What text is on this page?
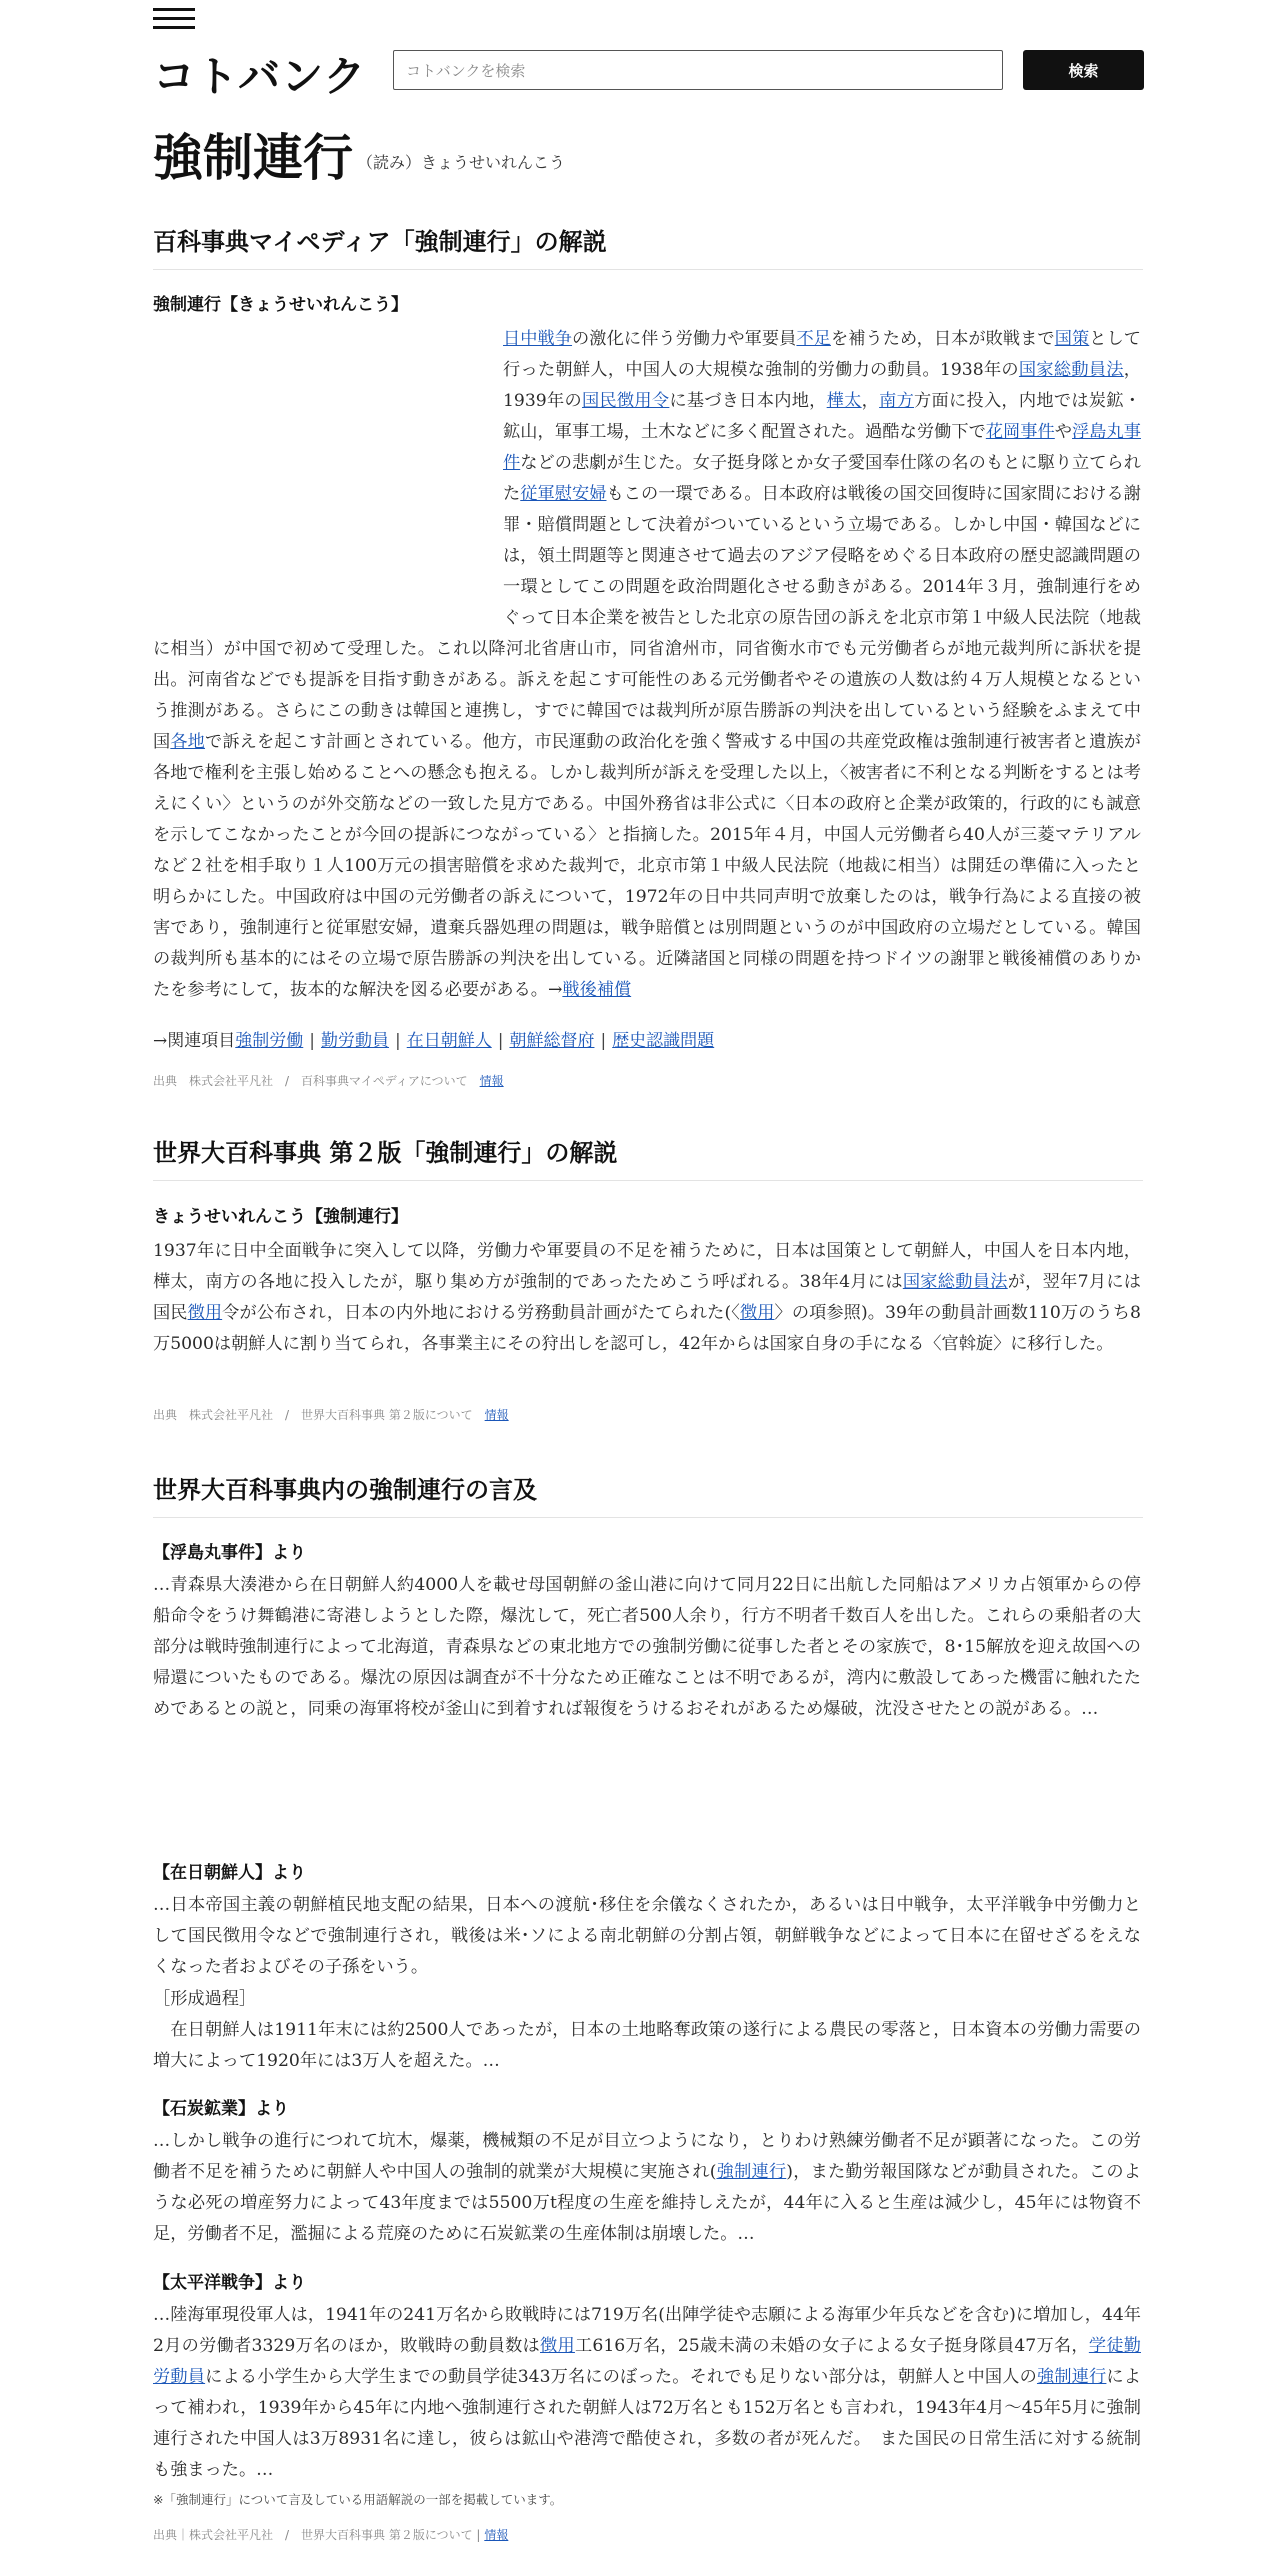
コトバンク	コトバンクを検索	検索
強制連行 （読み）きょうせいれんこう
百科事典マイペディア「強制連行」の解説
強制連行【きょうせいれんこう】
日中戦争の激化に伴う労働力や軍要員不足を補うため，日本が敗戦まで国策として行った朝鮮人，中国人の大規模な強制的労働力の動員。1938年の国家総動員法，1939年の国民徴用令に基づき日本内地，樺太，南方方面に投入，内地では炭鉱・鉱山，軍事工場，土木などに多く配置された。過酷な労働下で花岡事件や浮島丸事件などの悲劇が生じた。女子挺身隊とか女子愛国奉仕隊の名のもとに駆り立てられた従軍慰安婦もこの一環である。日本政府は戦後の国交回復時に国家間における謝罪・賠償問題として決着がついているという立場である。しかし中国・韓国などには，領土問題等と関連させて過去のアジア侵略をめぐる日本政府の歴史認識問題の一環としてこの問題を政治問題化させる動きがある。2014年３月，強制連行をめぐって日本企業を被告とした北京の原告団の訴えを北京市第１中級人民法院（地裁に相当）が中国で初めて受理した。これ以降河北省唐山市，同省滄州市，同省衡水市でも元労働者らが地元裁判所に訴状を提出。河南省などでも提訴を目指す動きがある。訴えを起こす可能性のある元労働者やその遺族の人数は約４万人規模となるという推測がある。さらにこの動きは韓国と連携し，すでに韓国では裁判所が原告勝訴の判決を出しているという経験をふまえて中国各地で訴えを起こす計画とされている。他方，市民運動の政治化を強く警戒する中国の共産党政権は強制連行被害者と遺族が各地で権利を主張し始めることへの懸念も抱える。しかし裁判所が訴えを受理した以上，〈被害者に不利となる判断をするとは考えにくい〉というのが外交筋などの一致した見方である。中国外務省は非公式に〈日本の政府と企業が政策的，行政的にも誠意を示してこなかったことが今回の提訴につながっている〉と指摘した。2015年４月，中国人元労働者ら40人が三菱マテリアルなど２社を相手取り１人100万元の損害賠償を求めた裁判で，北京市第１中級人民法院（地裁に相当）は開廷の準備に入ったと明らかにした。中国政府は中国の元労働者の訴えについて，1972年の日中共同声明で放棄したのは，戦争行為による直接の被害であり，強制連行と従軍慰安婦，遺棄兵器処理の問題は，戦争賠償とは別問題というのが中国政府の立場だとしている。韓国の裁判所も基本的にはその立場で原告勝訴の判決を出している。近隣諸国と同様の問題を持つドイツの謝罪と戦後補償のありかたを参考にして，抜本的な解決を図る必要がある。→戦後補償
→関連項目強制労働 | 勤労動員 | 在日朝鮮人 | 朝鮮総督府 | 歴史認識問題
出典　株式会社平凡社　/　百科事典マイペディアについて　 情報
世界大百科事典 第２版「強制連行」の解説
きょうせいれんこう【強制連行】
1937年に日中全面戦争に突入して以降，労働力や軍要員の不足を補うために，日本は国策として朝鮮人，中国人を日本内地，樺太，南方の各地に投入したが，駆り集め方が強制的であったためこう呼ばれる。38年4月には国家総動員法が，翌年7月には国民徴用令が公布され，日本の内外地における労務動員計画がたてられた(〈徴用〉の項参照)。39年の動員計画数110万のうち8万5000は朝鮮人に割り当てられ，各事業主にその狩出しを認可し，42年からは国家自身の手になる〈官斡旋〉に移行した。
出典　株式会社平凡社　/　世界大百科事典 第２版について　 情報
世界大百科事典内の強制連行の言及
【浮島丸事件】より
…青森県大湊港から在日朝鮮人約4000人を載せ母国朝鮮の釜山港に向けて同月22日に出航した同船はアメリカ占領軍からの停船命令をうけ舞鶴港に寄港しようとした際，爆沈して，死亡者500人余り，行方不明者千数百人を出した。これらの乗船者の大部分は戦時強制連行によって北海道，青森県などの東北地方での強制労働に従事した者とその家族で，8･15解放を迎え故国への帰還についたものである。爆沈の原因は調査が不十分なため正確なことは不明であるが，湾内に敷設してあった機雷に触れたためであるとの説と，同乗の海軍将校が釜山に到着すれば報復をうけるおそれがあるため爆破，沈没させたとの説がある。…
【在日朝鮮人】より
…日本帝国主義の朝鮮植民地支配の結果，日本への渡航･移住を余儀なくされたか，あるいは日中戦争，太平洋戦争中労働力として国民徴用令などで強制連行され，戦後は米･ソによる南北朝鮮の分割占領，朝鮮戦争などによって日本に在留せざるをえなくなった者およびその子孫をいう。
［形成過程］
　在日朝鮮人は1911年末には約2500人であったが，日本の土地略奪政策の遂行による農民の零落と，日本資本の労働力需要の増大によって1920年には3万人を超えた。…
【石炭鉱業】より
…しかし戦争の進行につれて坑木，爆薬，機械類の不足が目立つようになり，とりわけ熟練労働者不足が顕著になった。この労働者不足を補うために朝鮮人や中国人の強制的就業が大規模に実施され(強制連行)，また勤労報国隊などが動員された。このような必死の増産努力によって43年度までは5500万t程度の生産を維持しえたが，44年に入ると生産は減少し，45年には物資不足，労働者不足，濫掘による荒廃のために石炭鉱業の生産体制は崩壊した。…
【太平洋戦争】より
…陸海軍現役軍人は，1941年の241万名から敗戦時には719万名(出陣学徒や志願による海軍少年兵などを含む)に増加し，44年2月の労働者3329万名のほか，敗戦時の動員数は徴用工616万名，25歳未満の未婚の女子による女子挺身隊員47万名，学徒勤労動員による小学生から大学生までの動員学徒343万名にのぼった。それでも足りない部分は，朝鮮人と中国人の強制連行によって補われ，1939年から45年に内地へ強制連行された朝鮮人は72万名とも152万名とも言われ，1943年4月～45年5月に強制連行された中国人は3万8931名に達し，彼らは鉱山や港湾で酷使され，多数の者が死んだ。　また国民の日常生活に対する統制も強まった。…
※「強制連行」について言及している用語解説の一部を掲載しています。
出典｜株式会社平凡社　/　世界大百科事典 第２版について | 情報
